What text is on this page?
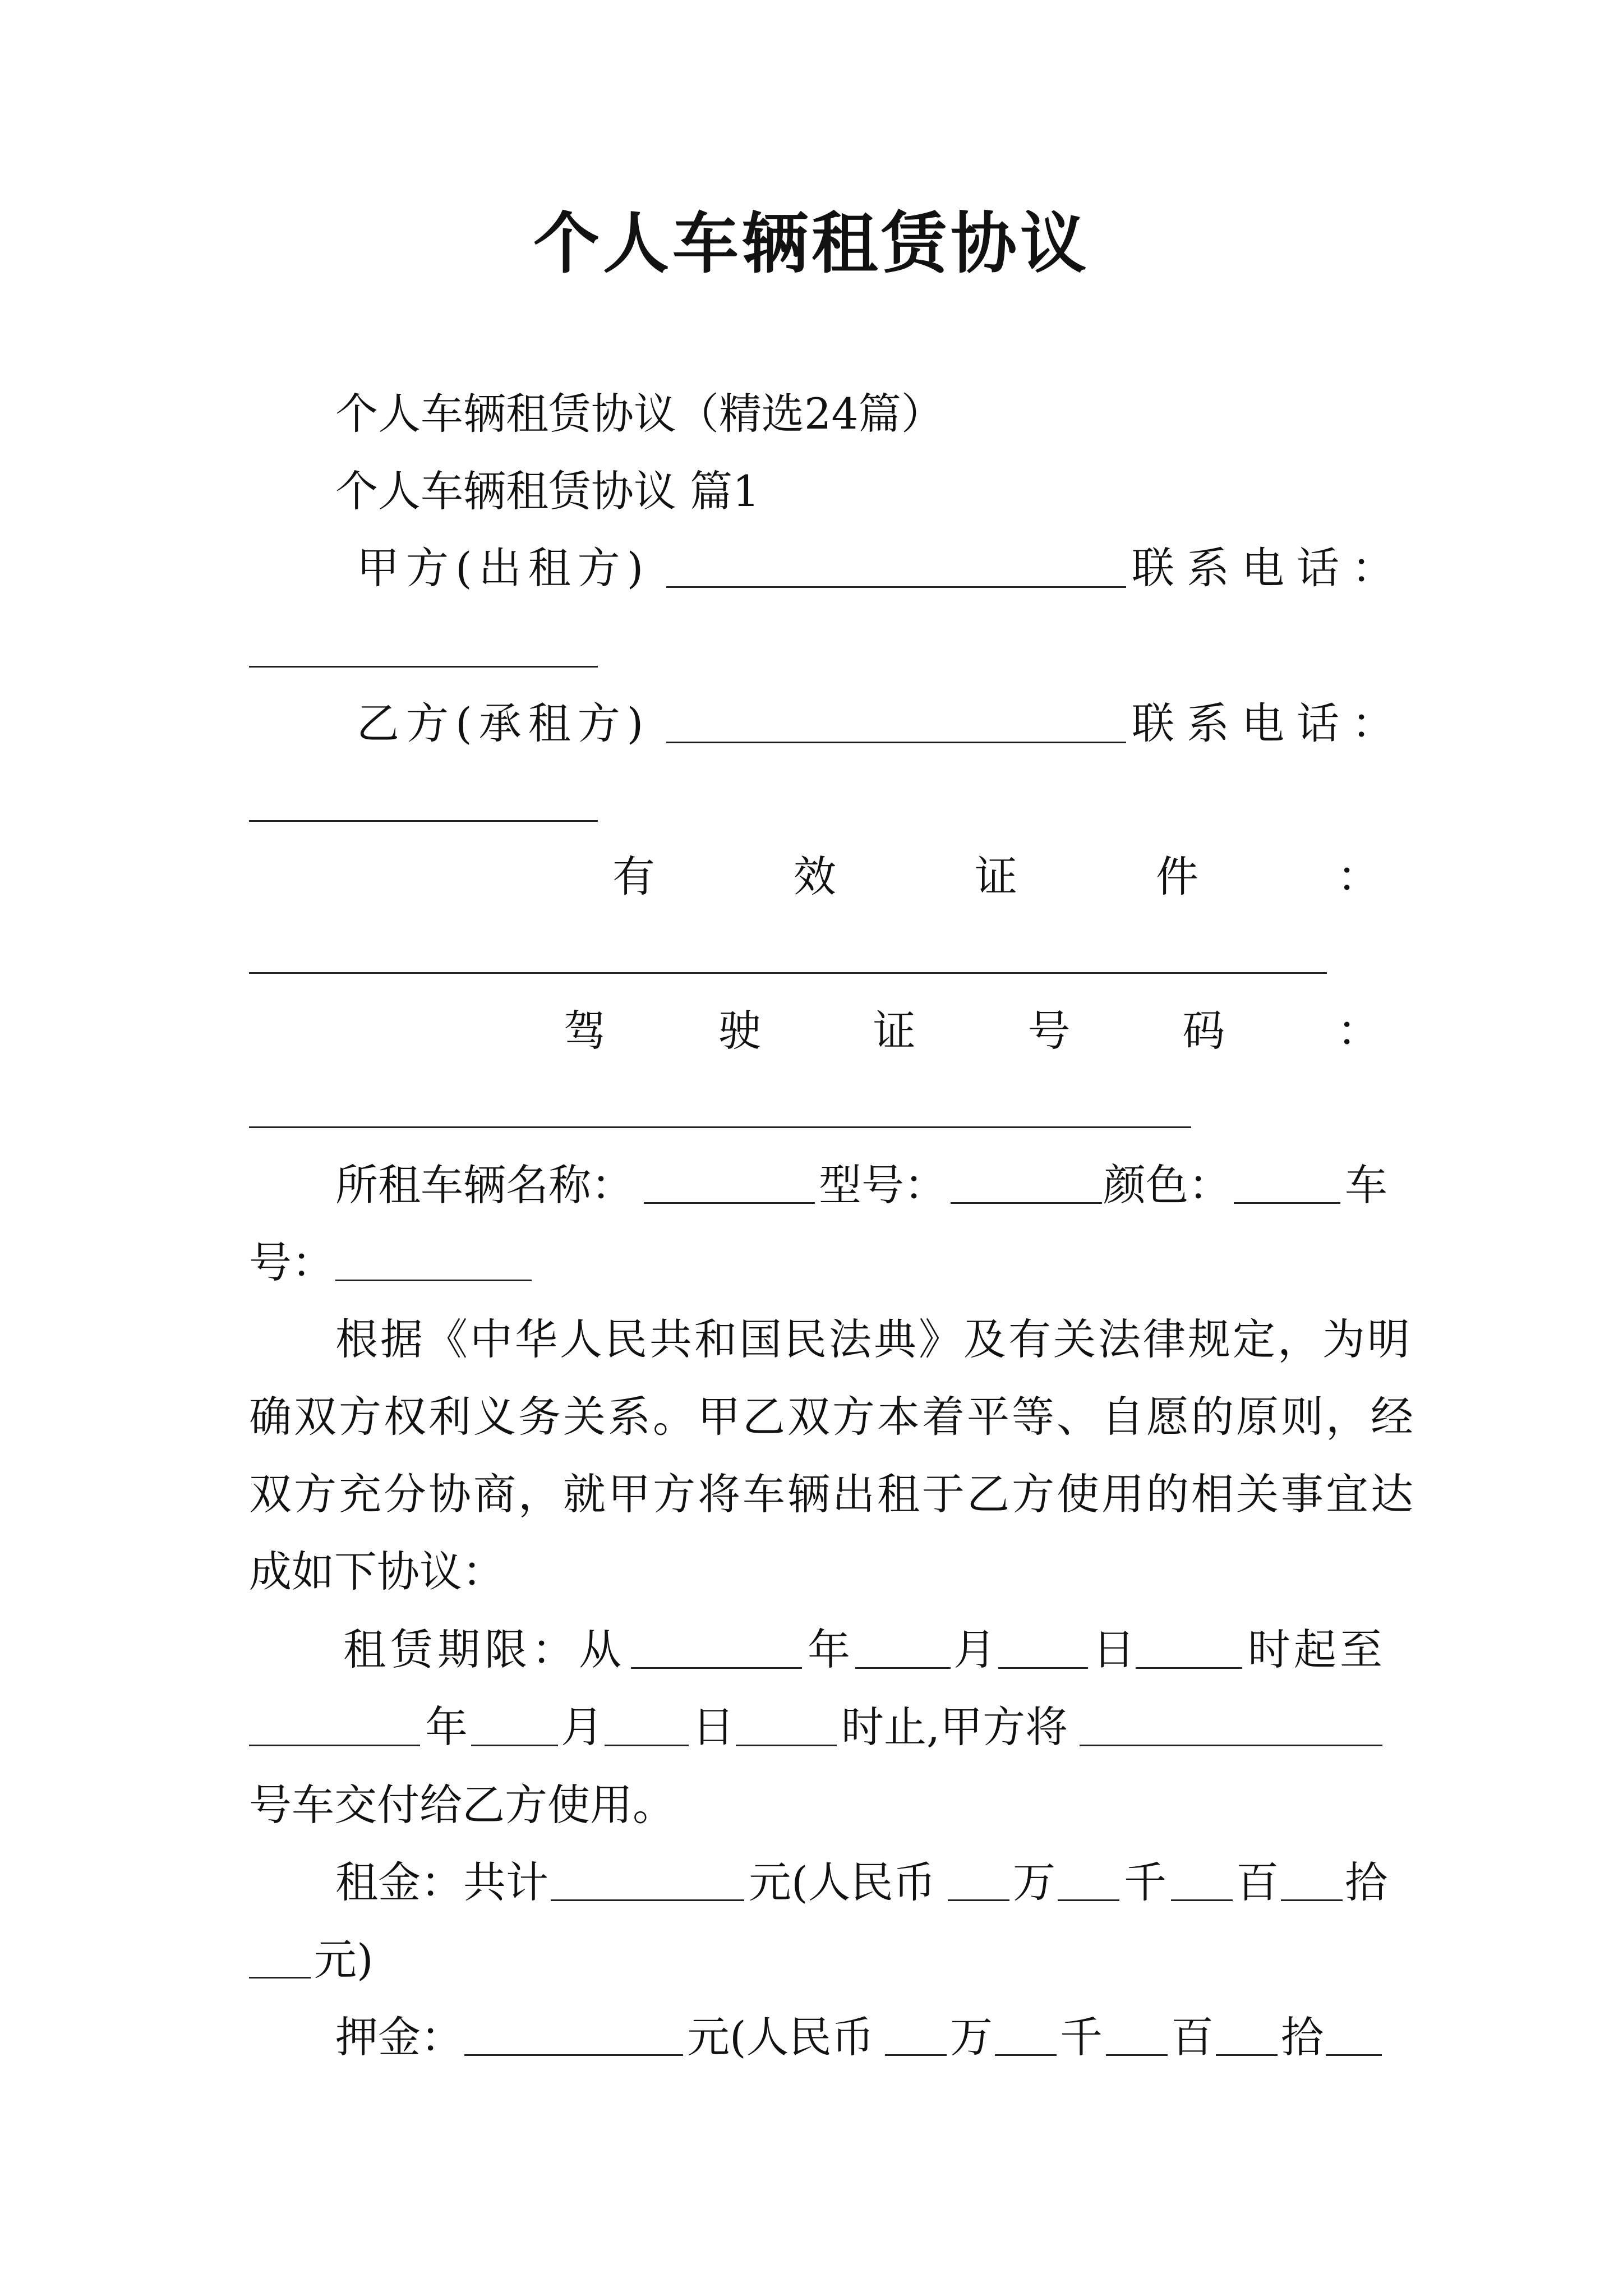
个人车辆租赁协议
个人车辆租赁协议（精选24篇）
个人车辆租赁协议 篇1
甲方(出租方)	联系电话：
乙方(承租方)	联系电话：
有	效	证	件	：
驾	驶	证	号	码	：
所租车辆名称：	型号：	颜色：	车
号：
根据《中华人民共和国民法典》及有关法律规定，为明
确双方权利义务关系。甲乙双方本着平等、自愿的原则，经
双方充分协商，就甲方将车辆出租于乙方使用的相关事宜达
成如下协议：
租赁期限：从	年 月 日	时起至
年 月 日	时止,甲方将
号车交付给乙方使用。
租金：共计	元(人民币 万 千 百 拾
元)
押金：	元(人民币 万 千 百 拾
